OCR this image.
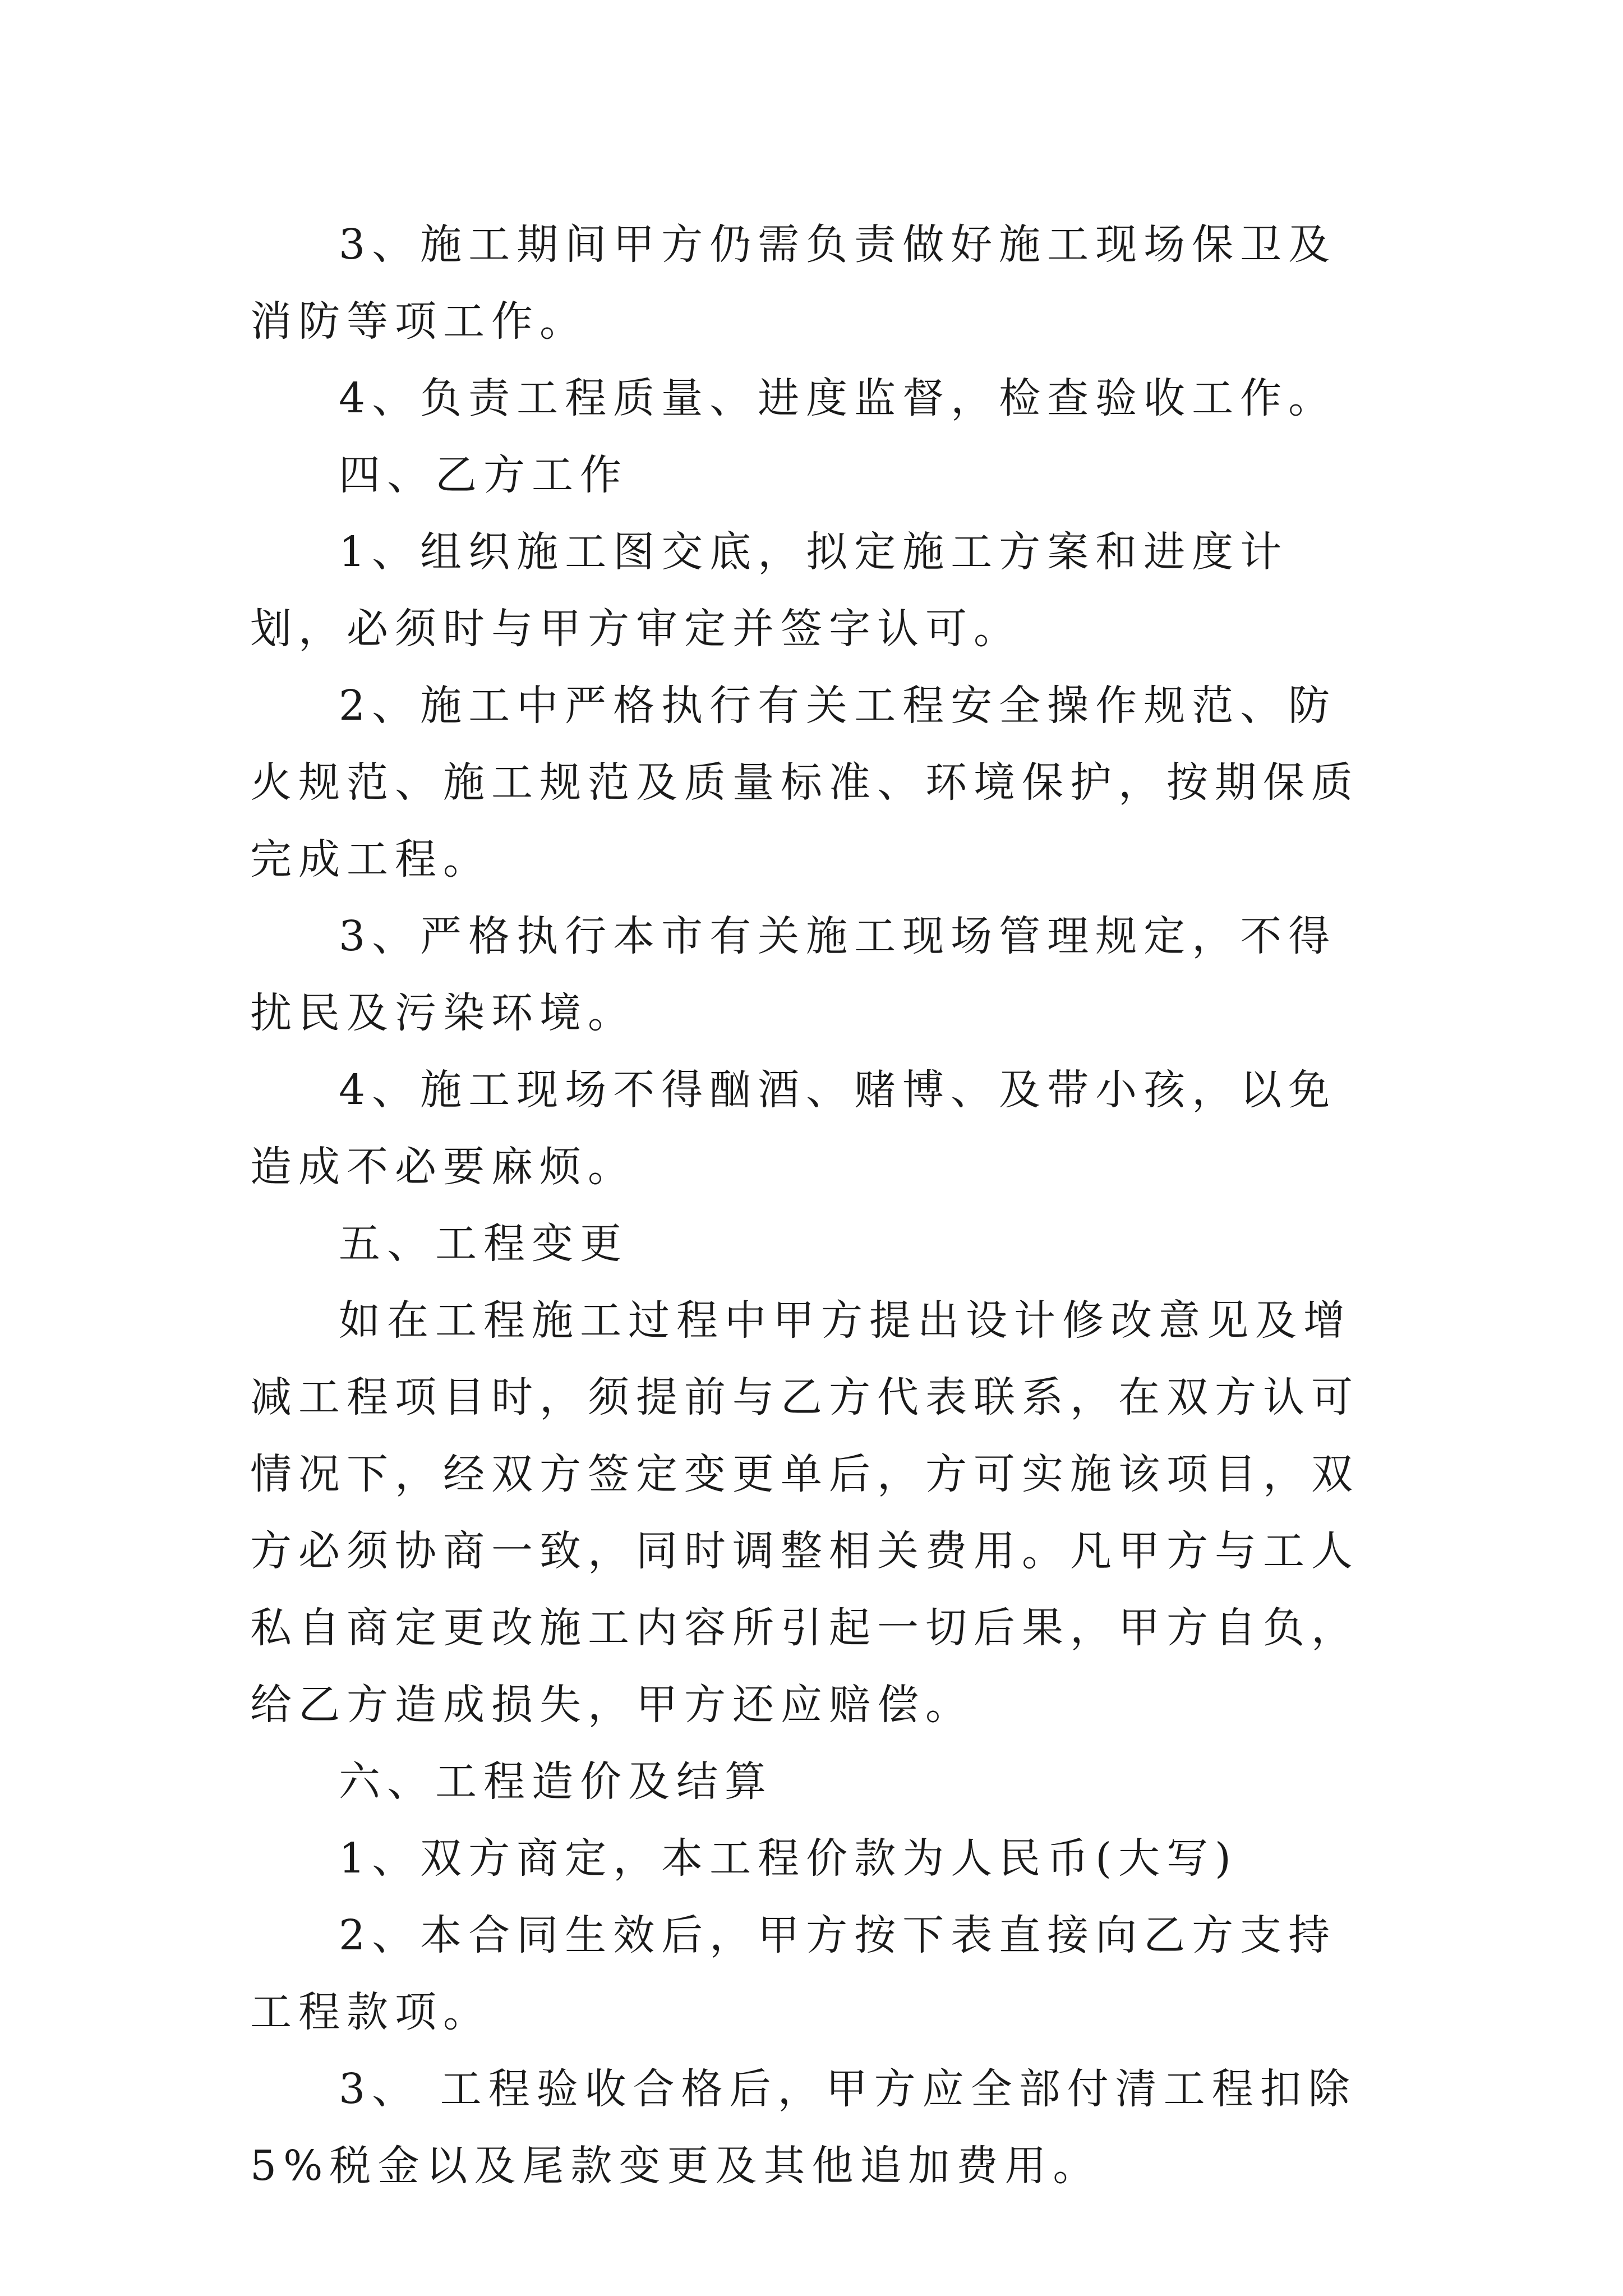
3、施工期间甲方仍需负责做好施工现场保卫及消防等项工作。

4、负责工程质量、进度监督，检查验收工作。

四、乙方工作

1、组织施工图交底，拟定施工方案和进度计划，必须时与甲方审定并签字认可。

2、施工中严格执行有关工程安全操作规范、防火规范、施工规范及质量标准、环境保护，按期保质完成工程。

3、严格执行本市有关施工现场管理规定，不得扰民及污染环境。

4、施工现场不得酗酒、赌博、及带小孩，以免造成不必要麻烦。

五、工程变更

如在工程施工过程中甲方提出设计修改意见及增减工程项目时，须提前与乙方代表联系，在双方认可情况下，经双方签定变更单后，方可实施该项目，双方必须协商一致，同时调整相关费用。凡甲方与工人私自商定更改施工内容所引起一切后果，甲方自负，给乙方造成损失，甲方还应赔偿。

六、工程造价及结算

1、双方商定，本工程价款为人民币(大写)

2、本合同生效后，甲方按下表直接向乙方支持工程款项。

3、 工程验收合格后，甲方应全部付清工程扣除5%税金以及尾款变更及其他追加费用。
